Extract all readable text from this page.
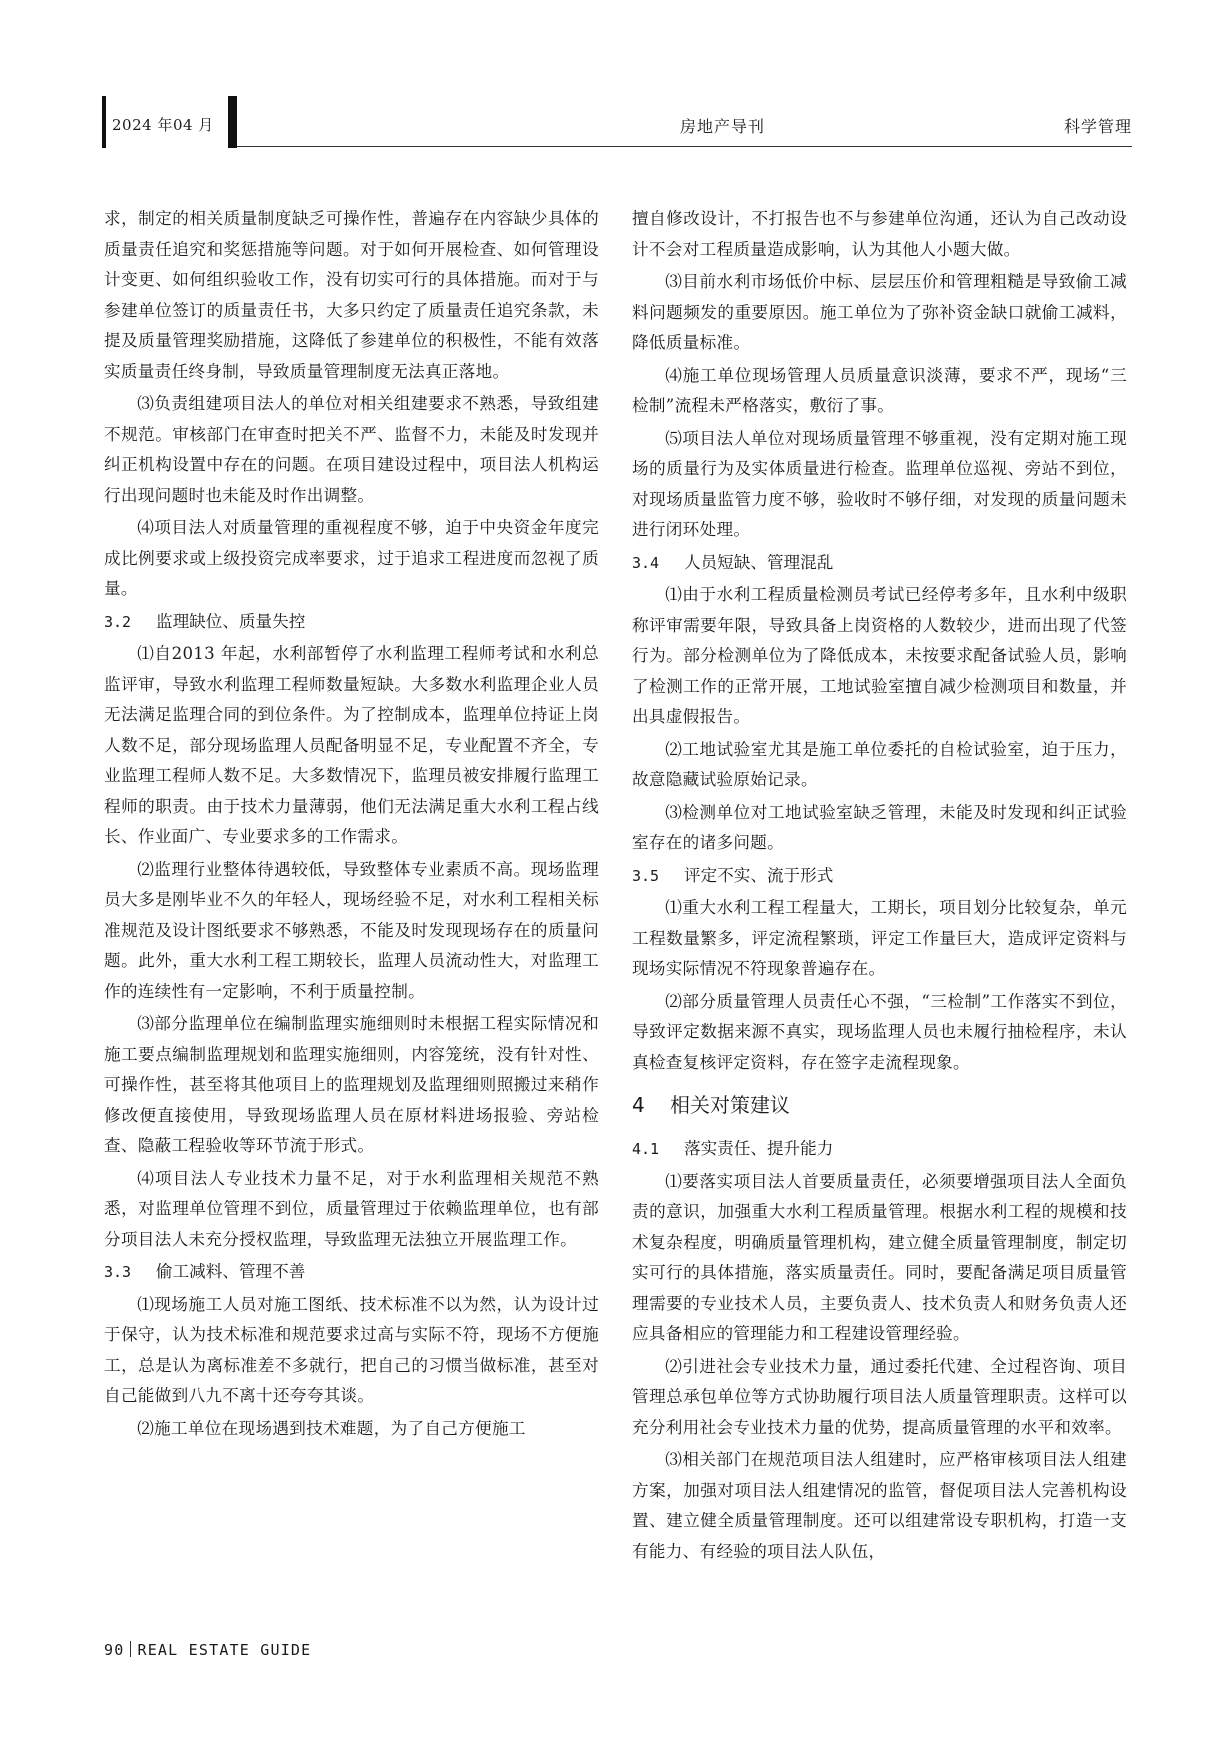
2024 年04 月	房地产导刊	科学管理

求，制定的相关质量制度缺乏可操作性，普遍存在内容缺少具体的质量责任追究和奖惩措施等问题。对于如何开展检查、如何管理设计变更、如何组织验收工作，没有切实可行的具体措施。而对于与参建单位签订的质量责任书，大多只约定了质量责任追究条款，未提及质量管理奖励措施，这降低了参建单位的积极性，不能有效落实质量责任终身制，导致质量管理制度无法真正落地。

⑶负责组建项目法人的单位对相关组建要求不熟悉，导致组建不规范。审核部门在审查时把关不严、监督不力，未能及时发现并纠正机构设置中存在的问题。在项目建设过程中，项目法人机构运行出现问题时也未能及时作出调整。

⑷项目法人对质量管理的重视程度不够，迫于中央资金年度完成比例要求或上级投资完成率要求，过于追求工程进度而忽视了质量。

3.2 监理缺位、质量失控

⑴自2013 年起，水利部暂停了水利监理工程师考试和水利总监评审，导致水利监理工程师数量短缺。大多数水利监理企业人员无法满足监理合同的到位条件。为了控制成本，监理单位持证上岗人数不足，部分现场监理人员配备明显不足，专业配置不齐全，专业监理工程师人数不足。大多数情况下，监理员被安排履行监理工程师的职责。由于技术力量薄弱，他们无法满足重大水利工程占线长、作业面广、专业要求多的工作需求。

⑵监理行业整体待遇较低，导致整体专业素质不高。现场监理员大多是刚毕业不久的年轻人，现场经验不足，对水利工程相关标准规范及设计图纸要求不够熟悉，不能及时发现现场存在的质量问题。此外，重大水利工程工期较长，监理人员流动性大，对监理工作的连续性有一定影响，不利于质量控制。

⑶部分监理单位在编制监理实施细则时未根据工程实际情况和施工要点编制监理规划和监理实施细则，内容笼统，没有针对性、可操作性，甚至将其他项目上的监理规划及监理细则照搬过来稍作修改便直接使用，导致现场监理人员在原材料进场报验、旁站检查、隐蔽工程验收等环节流于形式。

⑷项目法人专业技术力量不足，对于水利监理相关规范不熟悉，对监理单位管理不到位，质量管理过于依赖监理单位，也有部分项目法人未充分授权监理，导致监理无法独立开展监理工作。

3.3 偷工减料、管理不善

⑴现场施工人员对施工图纸、技术标准不以为然，认为设计过于保守，认为技术标准和规范要求过高与实际不符，现场不方便施工，总是认为离标准差不多就行，把自己的习惯当做标准，甚至对自己能做到八九不离十还夸夸其谈。

⑵施工单位在现场遇到技术难题，为了自己方便施工

擅自修改设计，不打报告也不与参建单位沟通，还认为自己改动设计不会对工程质量造成影响，认为其他人小题大做。

⑶目前水利市场低价中标、层层压价和管理粗糙是导致偷工减料问题频发的重要原因。施工单位为了弥补资金缺口就偷工减料，降低质量标准。

⑷施工单位现场管理人员质量意识淡薄，要求不严，现场“三检制”流程未严格落实，敷衍了事。

⑸项目法人单位对现场质量管理不够重视，没有定期对施工现场的质量行为及实体质量进行检查。监理单位巡视、旁站不到位，对现场质量监管力度不够，验收时不够仔细，对发现的质量问题未进行闭环处理。

3.4 人员短缺、管理混乱

⑴由于水利工程质量检测员考试已经停考多年，且水利中级职称评审需要年限，导致具备上岗资格的人数较少，进而出现了代签行为。部分检测单位为了降低成本，未按要求配备试验人员，影响了检测工作的正常开展，工地试验室擅自减少检测项目和数量，并出具虚假报告。

⑵工地试验室尤其是施工单位委托的自检试验室，迫于压力，故意隐藏试验原始记录。

⑶检测单位对工地试验室缺乏管理，未能及时发现和纠正试验室存在的诸多问题。

3.5 评定不实、流于形式

⑴重大水利工程工程量大，工期长，项目划分比较复杂，单元工程数量繁多，评定流程繁琐，评定工作量巨大，造成评定资料与现场实际情况不符现象普遍存在。

⑵部分质量管理人员责任心不强，“三检制”工作落实不到位，导致评定数据来源不真实，现场监理人员也未履行抽检程序，未认真检查复核评定资料，存在签字走流程现象。

4 相关对策建议
4.1 落实责任、提升能力

⑴要落实项目法人首要质量责任，必须要增强项目法人全面负责的意识，加强重大水利工程质量管理。根据水利工程的规模和技术复杂程度，明确质量管理机构，建立健全质量管理制度，制定切实可行的具体措施，落实质量责任。同时，要配备满足项目质量管理需要的专业技术人员，主要负责人、技术负责人和财务负责人还应具备相应的管理能力和工程建设管理经验。

⑵引进社会专业技术力量，通过委托代建、全过程咨询、项目管理总承包单位等方式协助履行项目法人质量管理职责。这样可以充分利用社会专业技术力量的优势，提高质量管理的水平和效率。

⑶相关部门在规范项目法人组建时，应严格审核项目法人组建方案，加强对项目法人组建情况的监管，督促项目法人完善机构设置、建立健全质量管理制度。还可以组建常设专职机构，打造一支有能力、有经验的项目法人队伍，

90 REAL ESTATE GUIDE
